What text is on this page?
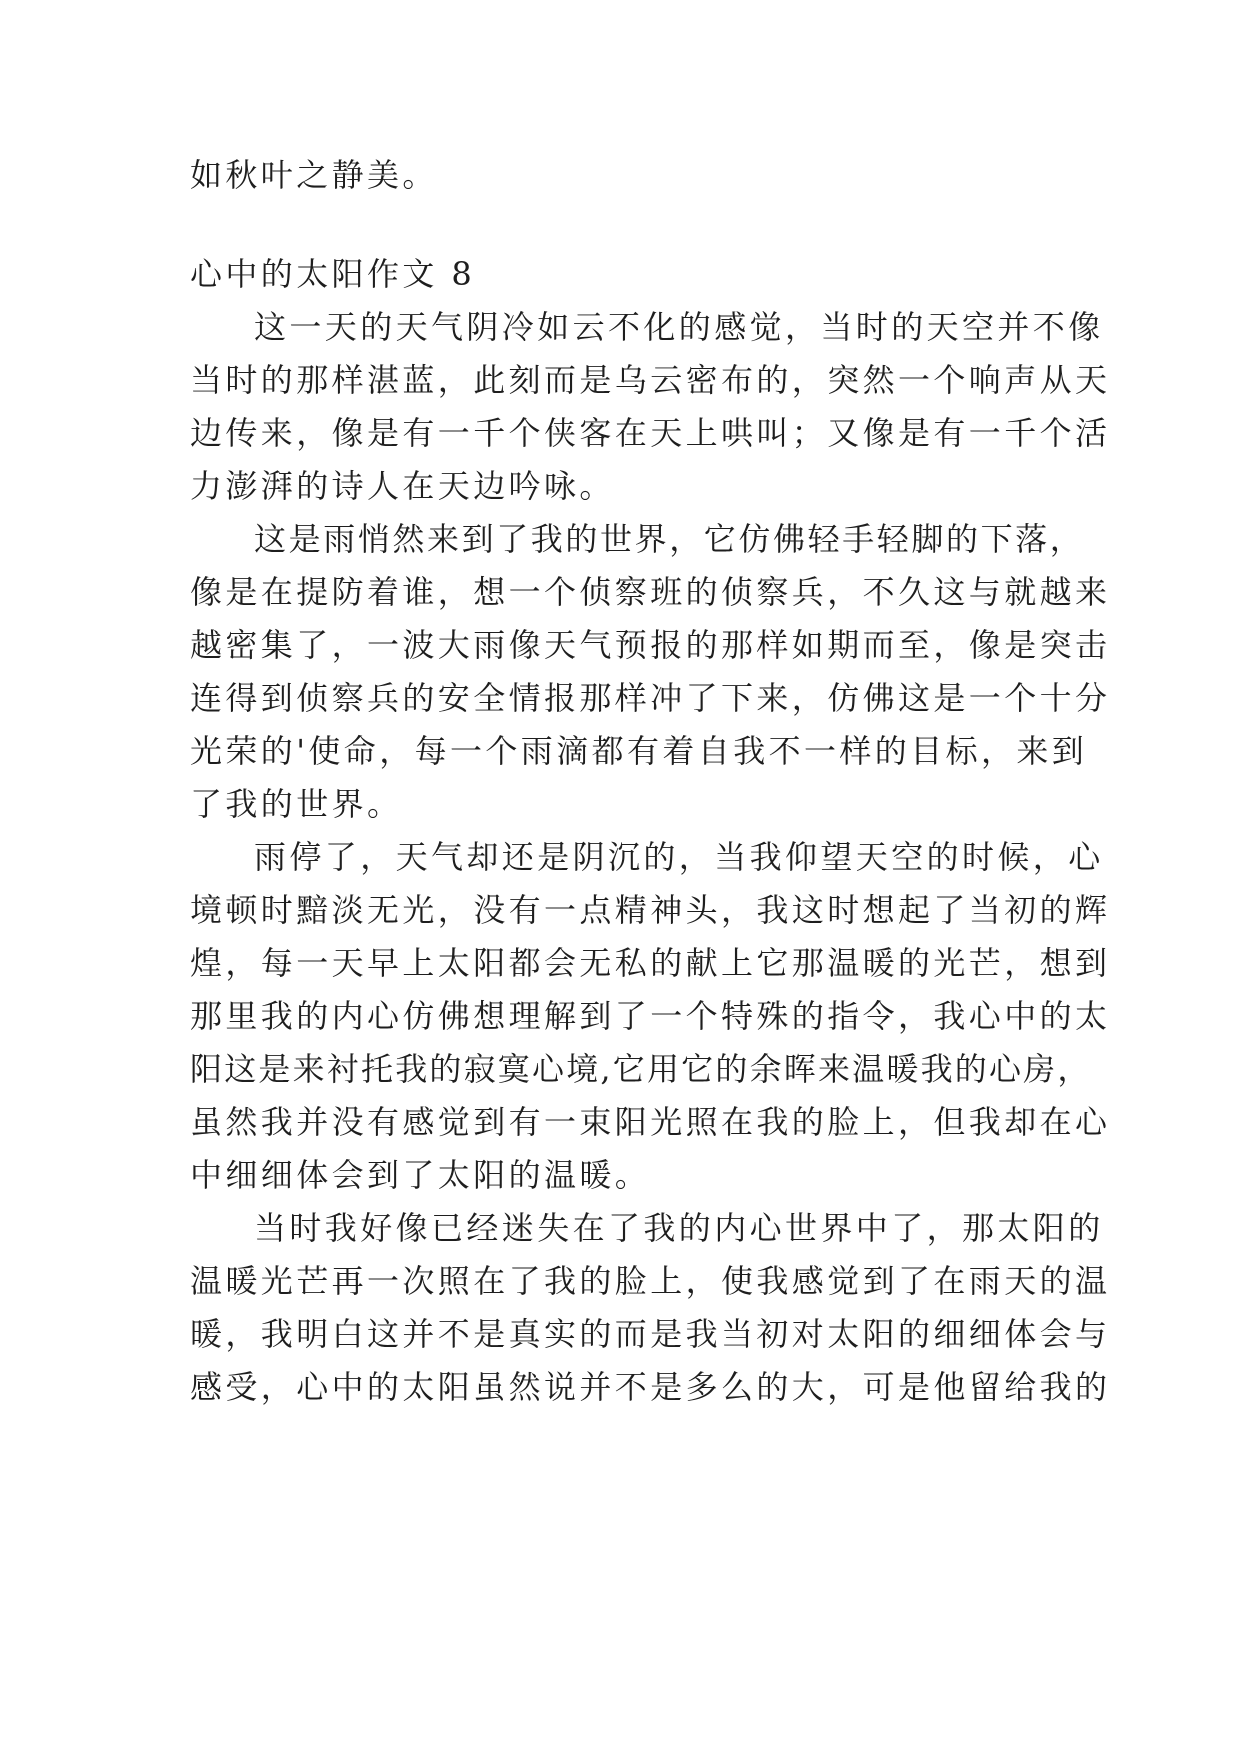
如秋叶之静美。
心中的太阳作文 8
这一天的天气阴冷如云不化的感觉，当时的天空并不像
当时的那样湛蓝，此刻而是乌云密布的，突然一个响声从天
边传来，像是有一千个侠客在天上哄叫；又像是有一千个活
力澎湃的诗人在天边吟咏。
这是雨悄然来到了我的世界，它仿佛轻手轻脚的下落，
像是在提防着谁，想一个侦察班的侦察兵，不久这与就越来
越密集了，一波大雨像天气预报的那样如期而至，像是突击
连得到侦察兵的安全情报那样冲了下来，仿佛这是一个十分
光荣的'使命，每一个雨滴都有着自我不一样的目标，来到
了我的世界。
雨停了，天气却还是阴沉的，当我仰望天空的时候，心
境顿时黯淡无光，没有一点精神头，我这时想起了当初的辉
煌，每一天早上太阳都会无私的献上它那温暖的光芒，想到
那里我的内心仿佛想理解到了一个特殊的指令，我心中的太
阳这是来衬托我的寂寞心境,它用它的余晖来温暖我的心房，
虽然我并没有感觉到有一束阳光照在我的脸上，但我却在心
中细细体会到了太阳的温暖。
当时我好像已经迷失在了我的内心世界中了，那太阳的
温暖光芒再一次照在了我的脸上，使我感觉到了在雨天的温
暖，我明白这并不是真实的而是我当初对太阳的细细体会与
感受，心中的太阳虽然说并不是多么的大，可是他留给我的
